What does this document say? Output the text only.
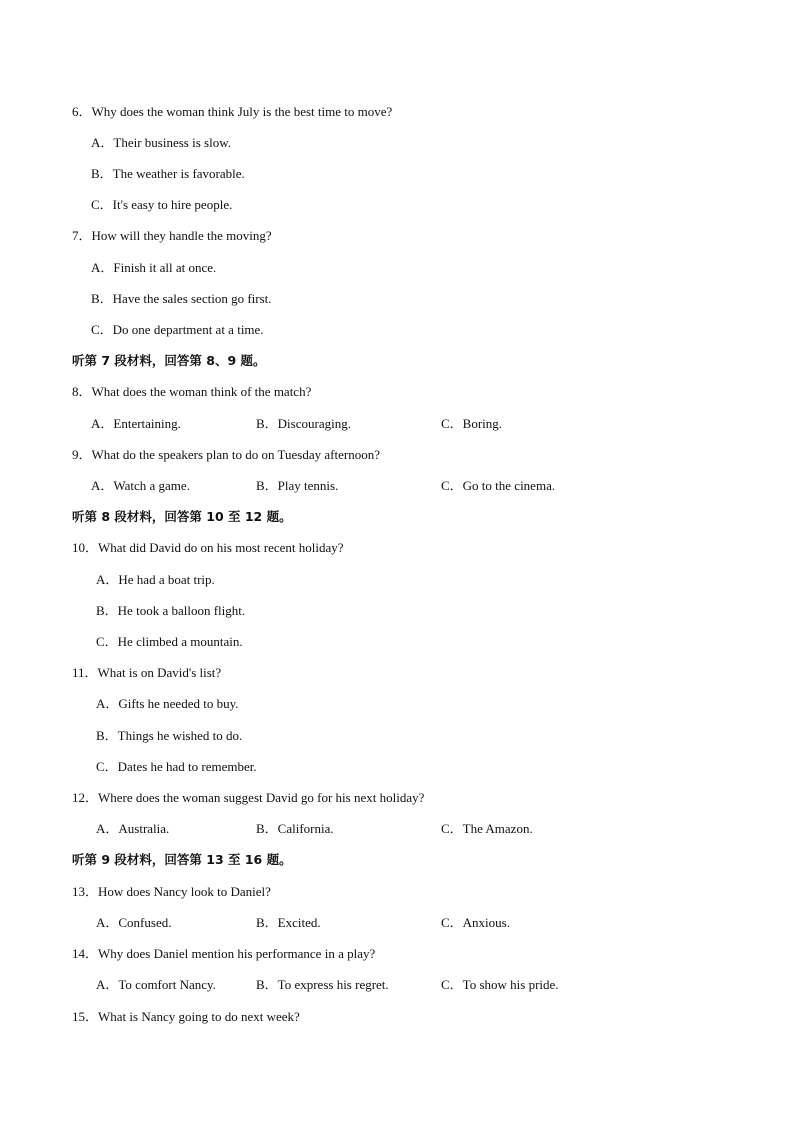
6．Why does the woman think July is the best time to move?
A．Their business is slow.
B．The weather is favorable.
C．It's easy to hire people.
7．How will they handle the moving?
A．Finish it all at once.
B．Have the sales section go first.
C．Do one department at a time.
听第 7 段材料，回答第 8、9 题。
8．What does the woman think of the match?
A．Entertaining.	B．Discouraging.	C．Boring.
9．What do the speakers plan to do on Tuesday afternoon?
A．Watch a game.	B．Play tennis.	C．Go to the cinema.
听第 8 段材料，回答第 10 至 12 题。
10．What did David do on his most recent holiday?
A．He had a boat trip.
B．He took a balloon flight.
C．He climbed a mountain.
11．What is on David's list?
A．Gifts he needed to buy.
B．Things he wished to do.
C．Dates he had to remember.
12．Where does the woman suggest David go for his next holiday?
A．Australia.	B．California.	C．The Amazon.
听第 9 段材料，回答第 13 至 16 题。
13．How does Nancy look to Daniel?
A．Confused.	B．Excited.	C．Anxious.
14．Why does Daniel mention his performance in a play?
A．To comfort Nancy.	B．To express his regret.	C．To show his pride.
15．What is Nancy going to do next week?
